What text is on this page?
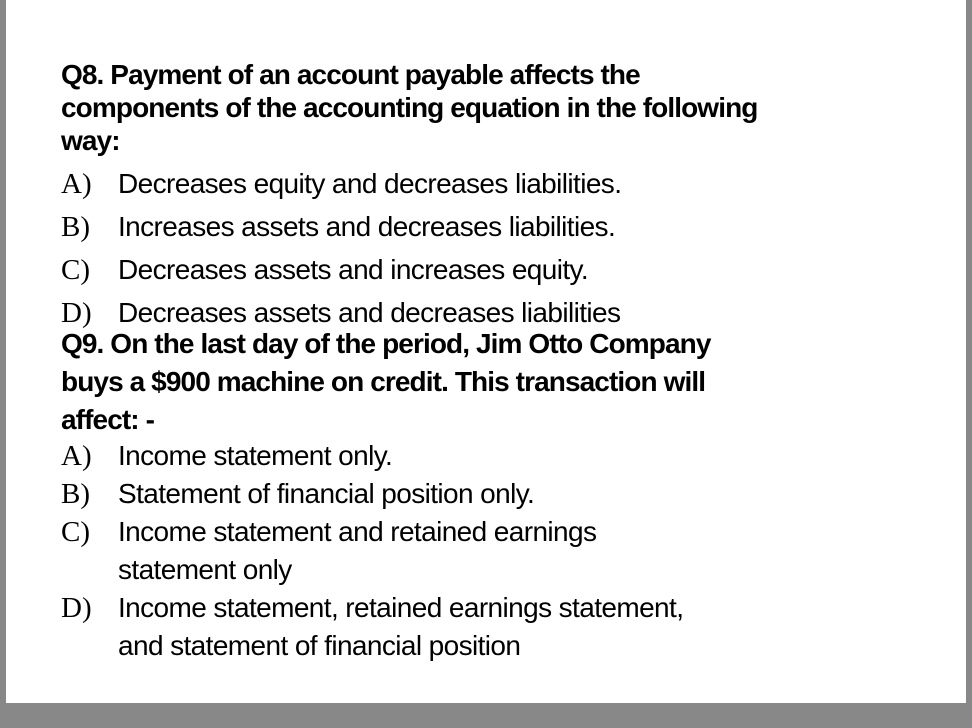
Q8. Payment of an account payable affects the
components of the accounting equation in the following
way:
A) Decreases equity and decreases liabilities.
B) Increases assets and decreases liabilities.
C) Decreases assets and increases equity.
D) Decreases assets and decreases liabilities
Q9. On the last day of the period, Jim Otto Company
buys a $900 machine on credit. This transaction will
affect: -
A) Income statement only.
B) Statement of financial position only.
C) Income statement and retained earnings
statement only
D) Income statement, retained earnings statement,
and statement of financial position
